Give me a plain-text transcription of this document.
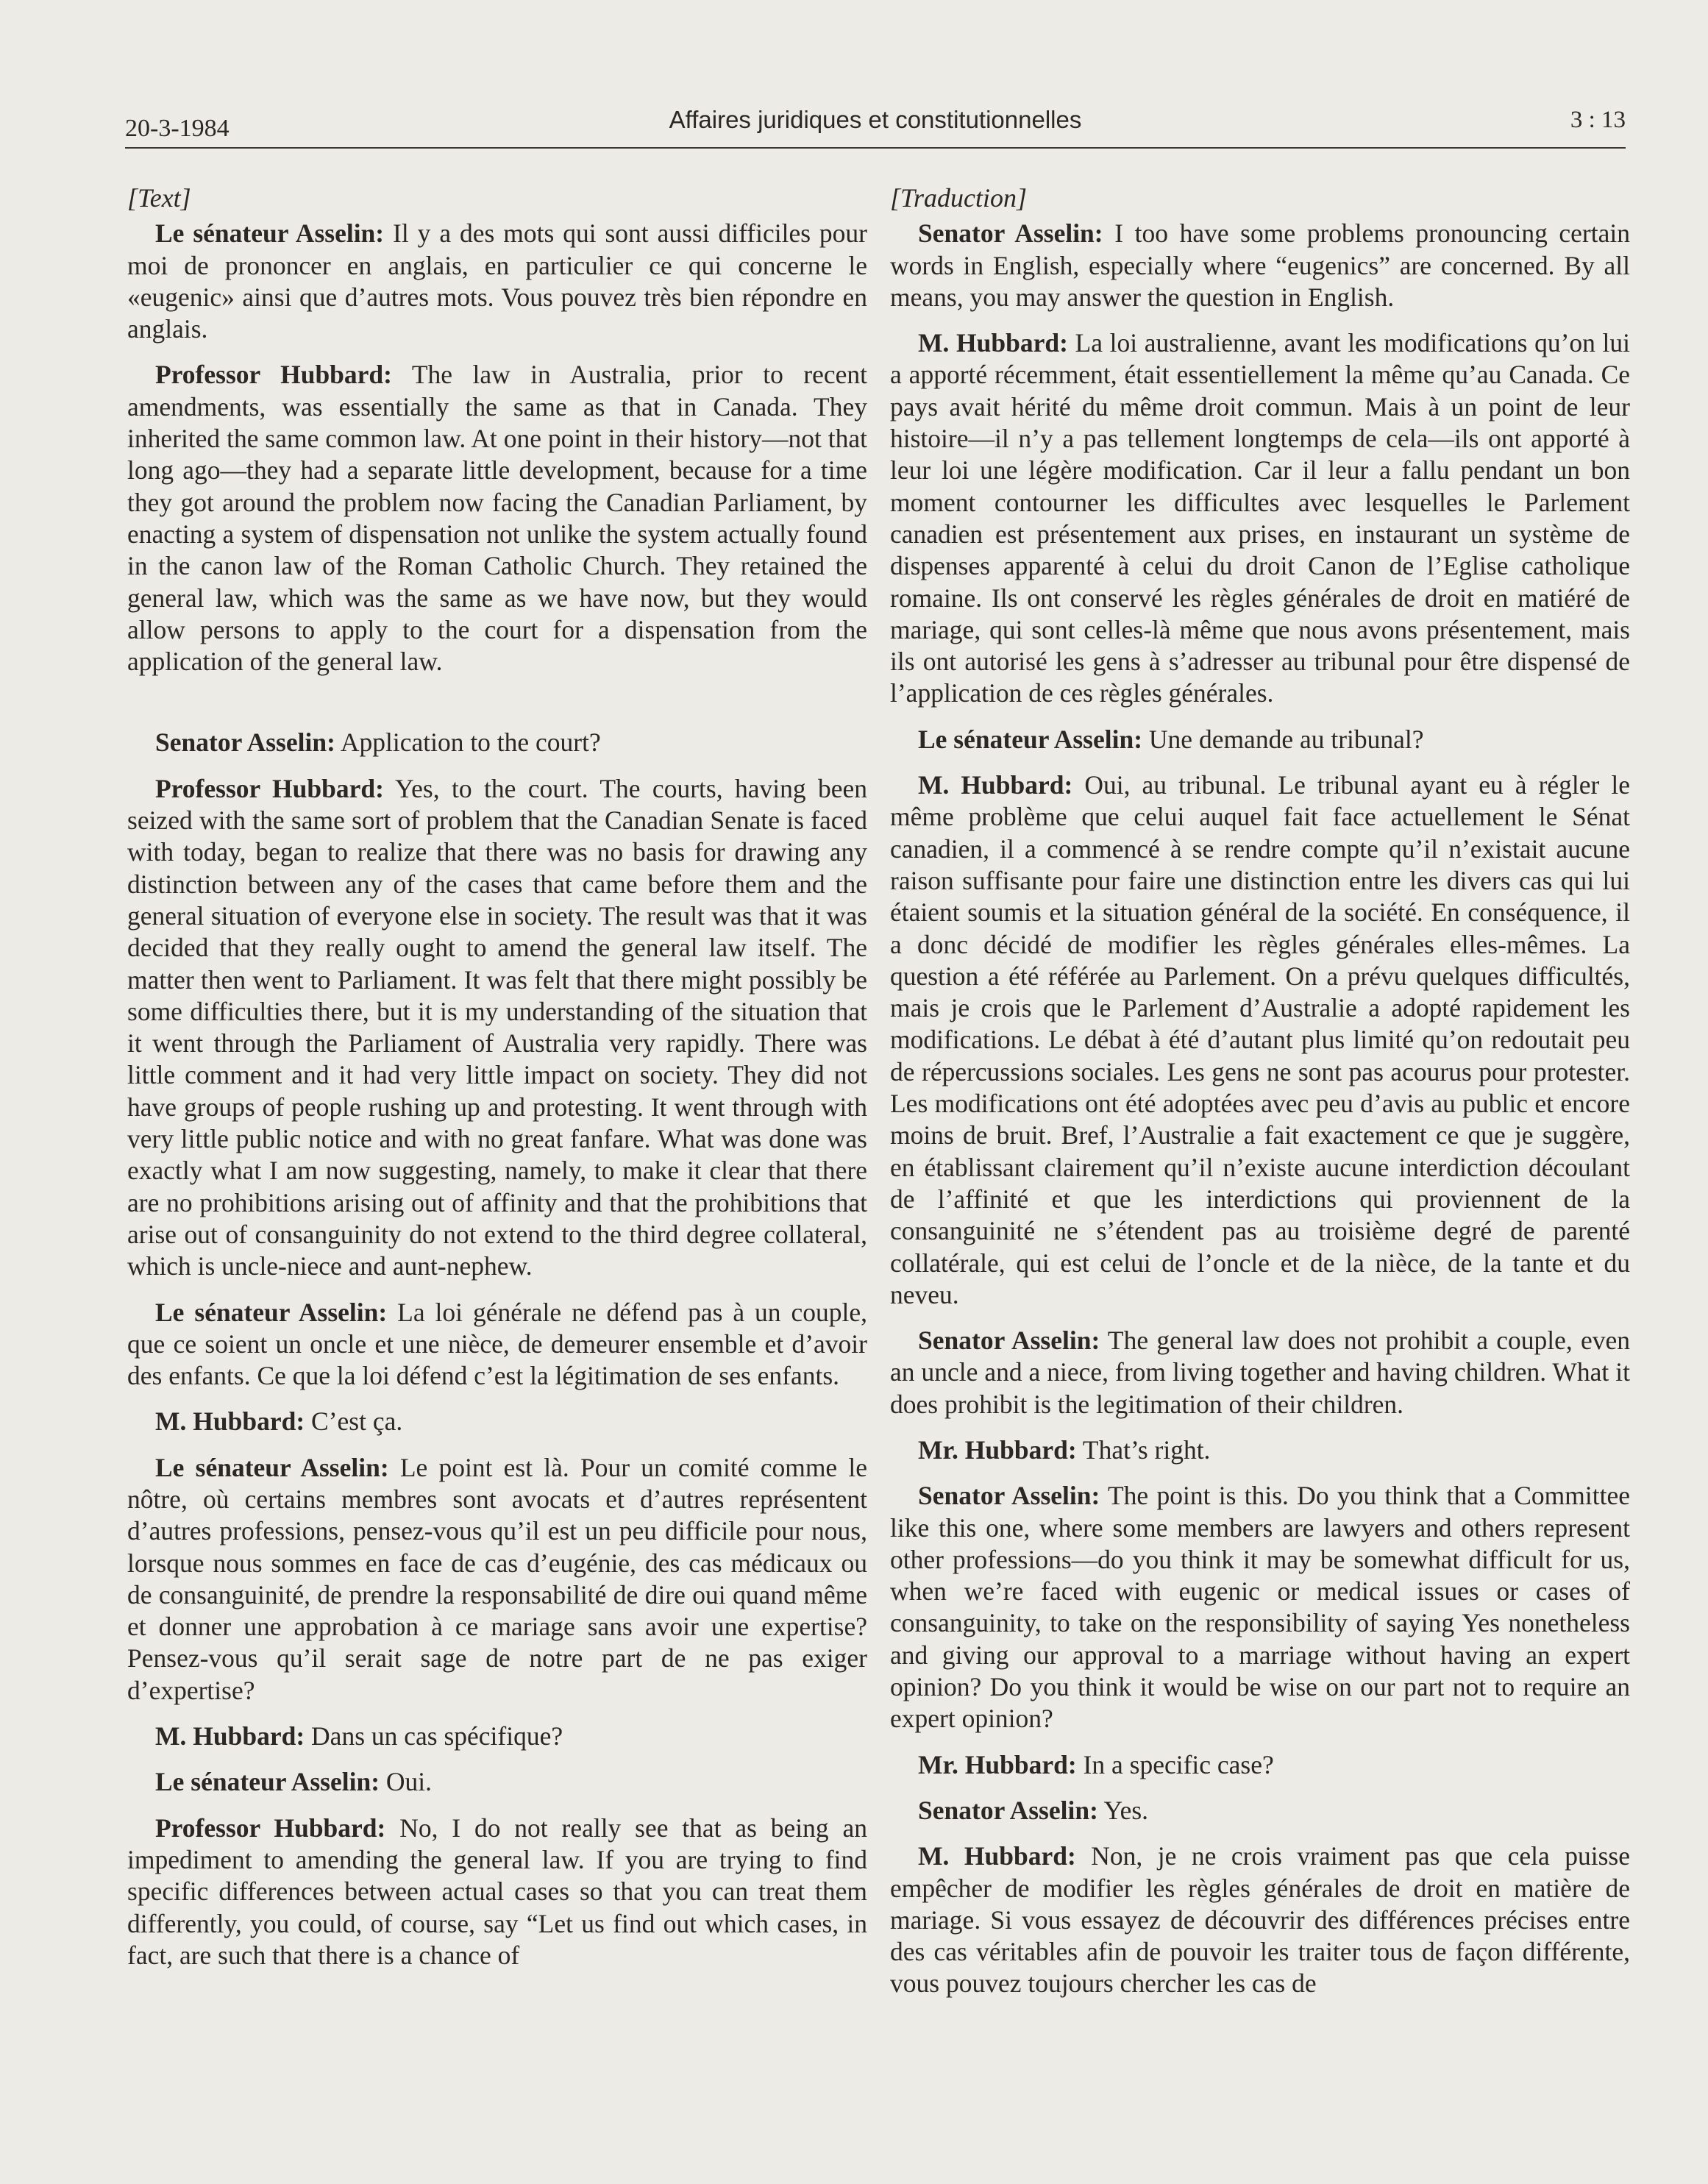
20-3-1984	Affaires juridiques et constitutionnelles	3 : 13
[Text]

Le sénateur Asselin: Il y a des mots qui sont aussi difficiles pour moi de prononcer en anglais, en particulier ce qui concerne le «eugenic» ainsi que d’autres mots. Vous pouvez très bien répondre en anglais.

Professor Hubbard: The law in Australia, prior to recent amendments, was essentially the same as that in Canada. They inherited the same common law. At one point in their history—not that long ago—they had a separate little development, because for a time they got around the problem now facing the Canadian Parliament, by enacting a system of dispensation not unlike the system actually found in the canon law of the Roman Catholic Church. They retained the general law, which was the same as we have now, but they would allow persons to apply to the court for a dispensation from the application of the general law.

Senator Asselin: Application to the court?

Professor Hubbard: Yes, to the court. The courts, having been seized with the same sort of problem that the Canadian Senate is faced with today, began to realize that there was no basis for drawing any distinction between any of the cases that came before them and the general situation of everyone else in society. The result was that it was decided that they really ought to amend the general law itself. The matter then went to Parliament. It was felt that there might possibly be some difficulties there, but it is my understanding of the situation that it went through the Parliament of Australia very rapidly. There was little comment and it had very little impact on society. They did not have groups of people rushing up and protesting. It went through with very little public notice and with no great fanfare. What was done was exactly what I am now suggesting, namely, to make it clear that there are no prohibitions arising out of affinity and that the prohibitions that arise out of consanguinity do not extend to the third degree collateral, which is uncle-niece and aunt-nephew.

Le sénateur Asselin: La loi générale ne défend pas à un couple, que ce soient un oncle et une nièce, de demeurer ensemble et d’avoir des enfants. Ce que la loi défend c’est la légitimation de ses enfants.

M. Hubbard: C’est ça.

Le sénateur Asselin: Le point est là. Pour un comité comme le nôtre, où certains membres sont avocats et d’autres représentent d’autres professions, pensez-vous qu’il est un peu difficile pour nous, lorsque nous sommes en face de cas d’eugénie, des cas médicaux ou de consanguinité, de prendre la responsabilité de dire oui quand même et donner une approbation à ce mariage sans avoir une expertise? Pensez-vous qu’il serait sage de notre part de ne pas exiger d’expertise?

M. Hubbard: Dans un cas spécifique?

Le sénateur Asselin: Oui.

Professor Hubbard: No, I do not really see that as being an impediment to amending the general law. If you are trying to find specific differences between actual cases so that you can treat them differently, you could, of course, say “Let us find out which cases, in fact, are such that there is a chance of

[Traduction]

Senator Asselin: I too have some problems pronouncing certain words in English, especially where “eugenics” are concerned. By all means, you may answer the question in English.

M. Hubbard: La loi australienne, avant les modifications qu’on lui a apporté récemment, était essentiellement la même qu’au Canada. Ce pays avait hérité du même droit commun. Mais à un point de leur histoire—il n’y a pas tellement longtemps de cela—ils ont apporté à leur loi une légère modification. Car il leur a fallu pendant un bon moment contourner les difficultes avec lesquelles le Parlement canadien est présentement aux prises, en instaurant un système de dispenses apparenté à celui du droit Canon de l’Eglise catholique romaine. Ils ont conservé les règles générales de droit en matiéré de mariage, qui sont celles-là même que nous avons présentement, mais ils ont autorisé les gens à s’adresser au tribunal pour être dispensé de l’application de ces règles générales.

Le sénateur Asselin: Une demande au tribunal?

M. Hubbard: Oui, au tribunal. Le tribunal ayant eu à régler le même problème que celui auquel fait face actuellement le Sénat canadien, il a commencé à se rendre compte qu’il n’existait aucune raison suffisante pour faire une distinction entre les divers cas qui lui étaient soumis et la situation général de la société. En conséquence, il a donc décidé de modifier les règles générales elles-mêmes. La question a été référée au Parlement. On a prévu quelques difficultés, mais je crois que le Parlement d’Australie a adopté rapidement les modifications. Le débat à été d’autant plus limité qu’on redoutait peu de répercussions sociales. Les gens ne sont pas acourus pour protester. Les modifications ont été adoptées avec peu d’avis au public et encore moins de bruit. Bref, l’Australie a fait exactement ce que je suggère, en établissant clairement qu’il n’existe aucune interdiction découlant de l’affinité et que les interdictions qui proviennent de la consanguinité ne s’étendent pas au troisième degré de parenté collatérale, qui est celui de l’oncle et de la nièce, de la tante et du neveu.

Senator Asselin: The general law does not prohibit a couple, even an uncle and a niece, from living together and having children. What it does prohibit is the legitimation of their children.

Mr. Hubbard: That’s right.

Senator Asselin: The point is this. Do you think that a Committee like this one, where some members are lawyers and others represent other professions—do you think it may be somewhat difficult for us, when we’re faced with eugenic or medical issues or cases of consanguinity, to take on the responsibility of saying Yes nonetheless and giving our approval to a marriage without having an expert opinion? Do you think it would be wise on our part not to require an expert opinion?

Mr. Hubbard: In a specific case?

Senator Asselin: Yes.

M. Hubbard: Non, je ne crois vraiment pas que cela puisse empêcher de modifier les règles générales de droit en matière de mariage. Si vous essayez de découvrir des différences précises entre des cas véritables afin de pouvoir les traiter tous de façon différente, vous pouvez toujours chercher les cas de
